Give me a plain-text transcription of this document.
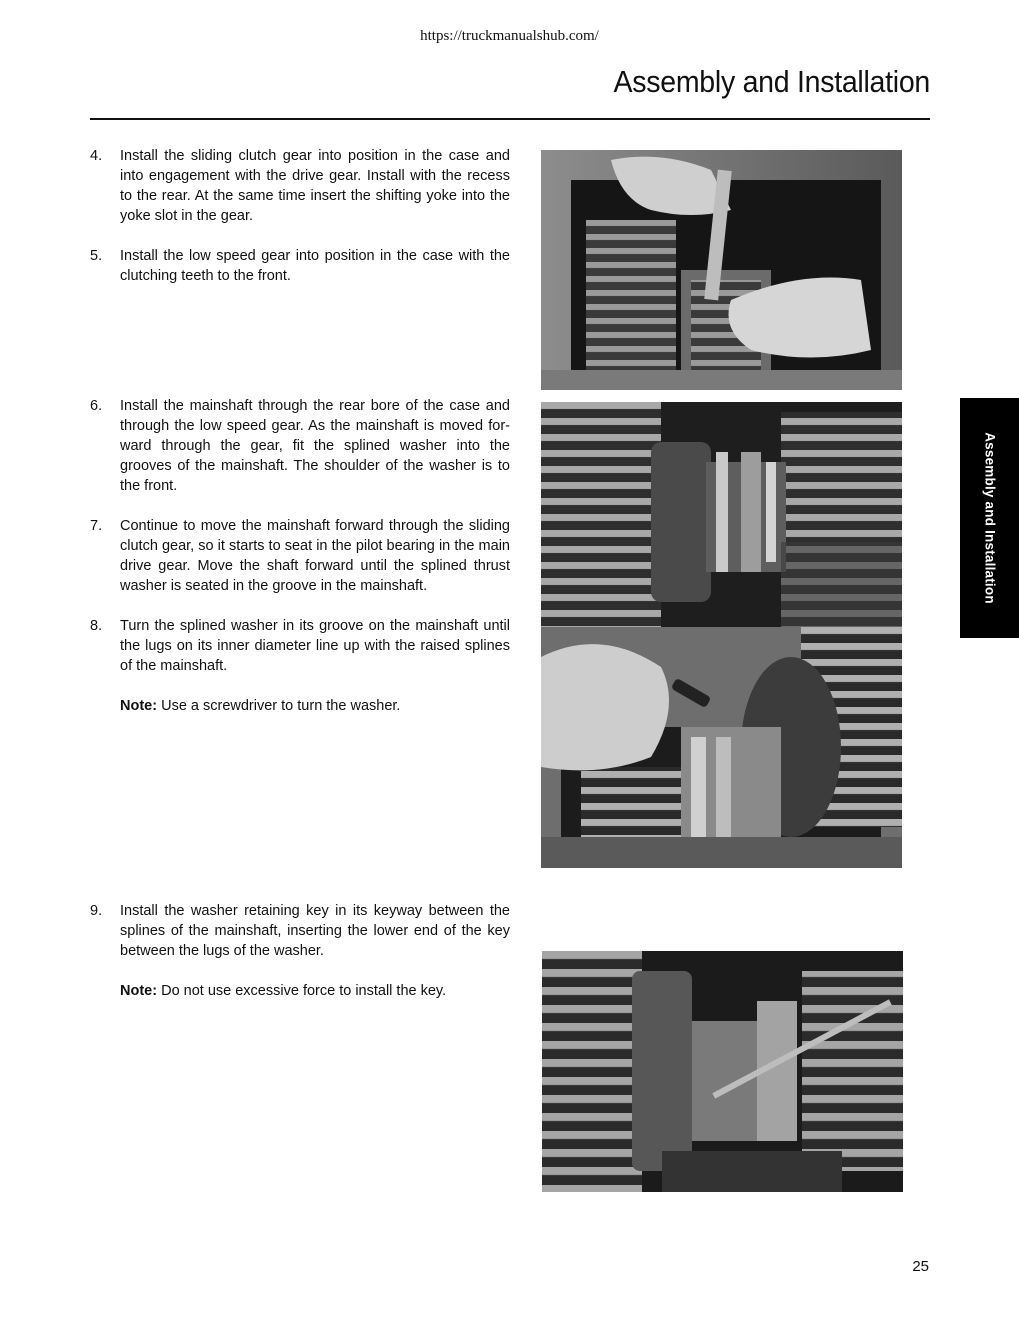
https://truckmanualshub.com/
Assembly and Installation
4.	Install the sliding clutch gear into position in the case and into engagement with the drive gear. Install with the recess to the rear. At the same time insert the shifting yoke into the yoke slot in the gear.
5.	Install the low speed gear into position in the case with the clutching teeth to the front.
6.	Install the mainshaft through the rear bore of the case and through the low speed gear. As the mainshaft is moved for-ward through the gear, fit the splined washer into the grooves of the mainshaft. The shoulder of the washer is to the front.
7.	Continue to move the mainshaft forward through the sliding clutch gear, so it starts to seat in the pilot bearing in the main drive gear. Move the shaft forward until the splined thrust washer is seated in the groove in the mainshaft.
8.	Turn the splined washer in its groove on the mainshaft until the lugs on its inner diameter line up with the raised splines of the mainshaft.
Note: Use a screwdriver to turn the washer.
9.	Install the washer retaining key in its keyway between the splines of the mainshaft, inserting the lower end of the key between the lugs of the washer.
Note: Do not use excessive force to install the key.
Assembly and Installation
25
